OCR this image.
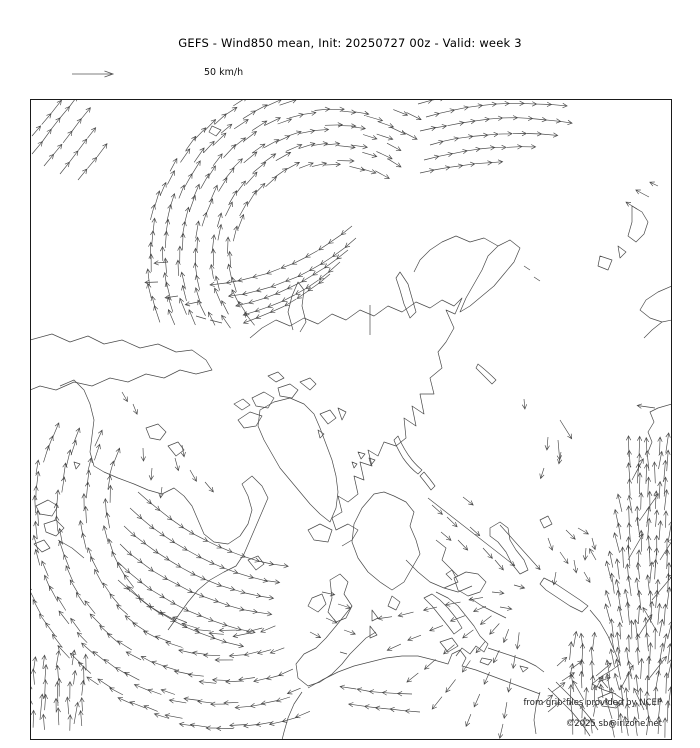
GEFS - Wind850 mean, Init: 20250727 00z - Valid: week 3
50 km/h
from grib²files provided by NCEP
©2025 sb@irizone.net
